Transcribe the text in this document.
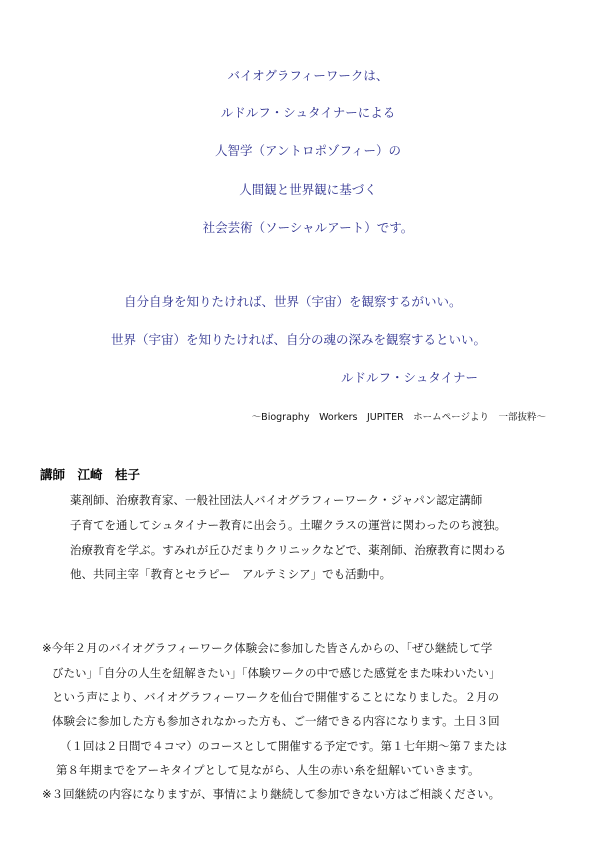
バイオグラフィーワークは、
ルドルフ・シュタイナーによる
人智学（アントロポゾフィー）の
人間観と世界観に基づく
社会芸術（ソーシャルアート）です。
自分自身を知りたければ、世界（宇宙）を観察するがいい。
世界（宇宙）を知りたければ、自分の魂の深みを観察するといい。
ルドルフ・シュタイナー
～Biography　Workers　JUPITER　ホームページより　一部抜粋～
講師　江崎　桂子
薬剤師、治療教育家、一般社団法人バイオグラフィーワーク・ジャパン認定講師
子育てを通してシュタイナー教育に出会う。土曜クラスの運営に関わったのち渡独。
治療教育を学ぶ。すみれが丘ひだまりクリニックなどで、薬剤師、治療教育に関わる
他、共同主宰「教育とセラピー　アルテミシア」でも活動中。
※今年２月のバイオグラフィーワーク体験会に参加した皆さんからの、「ぜひ継続して学
びたい」「自分の人生を紐解きたい」「体験ワークの中で感じた感覚をまた味わいたい」
という声により、バイオグラフィーワークを仙台で開催することになりました。２月の
体験会に参加した方も参加されなかった方も、ご一緒できる内容になります。土日３回
（１回は２日間で４コマ）のコースとして開催する予定です。第１七年期～第７または
第８年期までをアーキタイプとして見ながら、人生の赤い糸を紐解いていきます。
※３回継続の内容になりますが、事情により継続して参加できない方はご相談ください。
